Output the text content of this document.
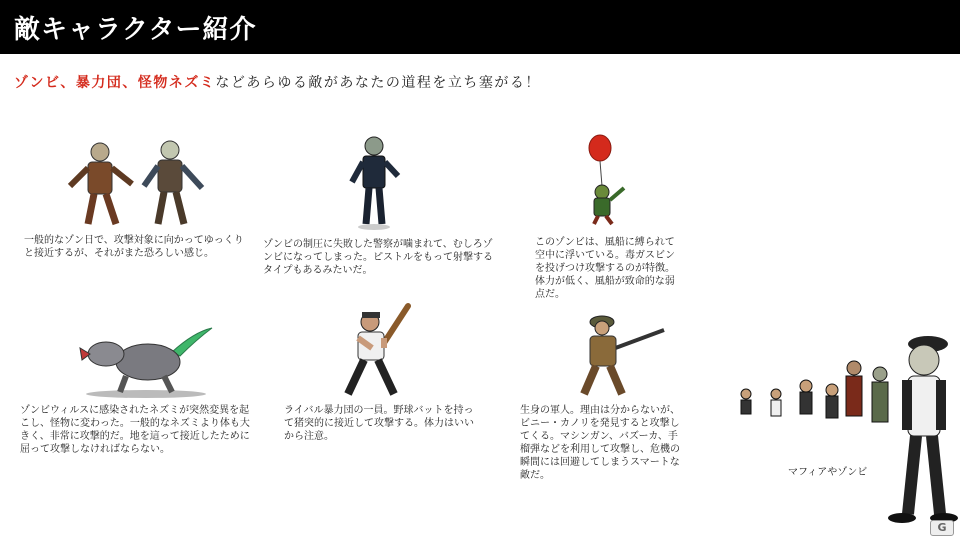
敵キャラクター紹介
ゾンビ、暴力団、怪物ネズミなどあらゆる敵があなたの道程を立ち塞がる！
一般的なゾン日で、攻撃対象に向かってゆっくりと接近するが、それがまた恐ろしい感じ。
ゾンビの制圧に失敗した警察が噛まれて、むしろゾンビになってしまった。ピストルをもって射撃するタイプもあるみたいだ。
このゾンビは、風船に縛られて空中に浮いている。毒ガスビンを投げつけ攻撃するのが特徴。体力が低く、風船が致命的な弱点だ。
ゾンビウィルスに感染されたネズミが突然変異を起こし、怪物に変わった。一般的なネズミより体も大きく、非常に攻撃的だ。地を這って接近したために屈って攻撃しなければならない。
ライバル暴力団の一員。野球バットを持って猪突的に接近して攻撃する。体力はいいから注意。
生身の軍人。理由は分からないが、ビニー・カノリを発見すると攻撃してくる。マシンガン、バズーカ、手榴弾などを利用して攻撃し、危機の瞬間には回避してしまうスマートな敵だ。	マフィアやゾンビ
G
